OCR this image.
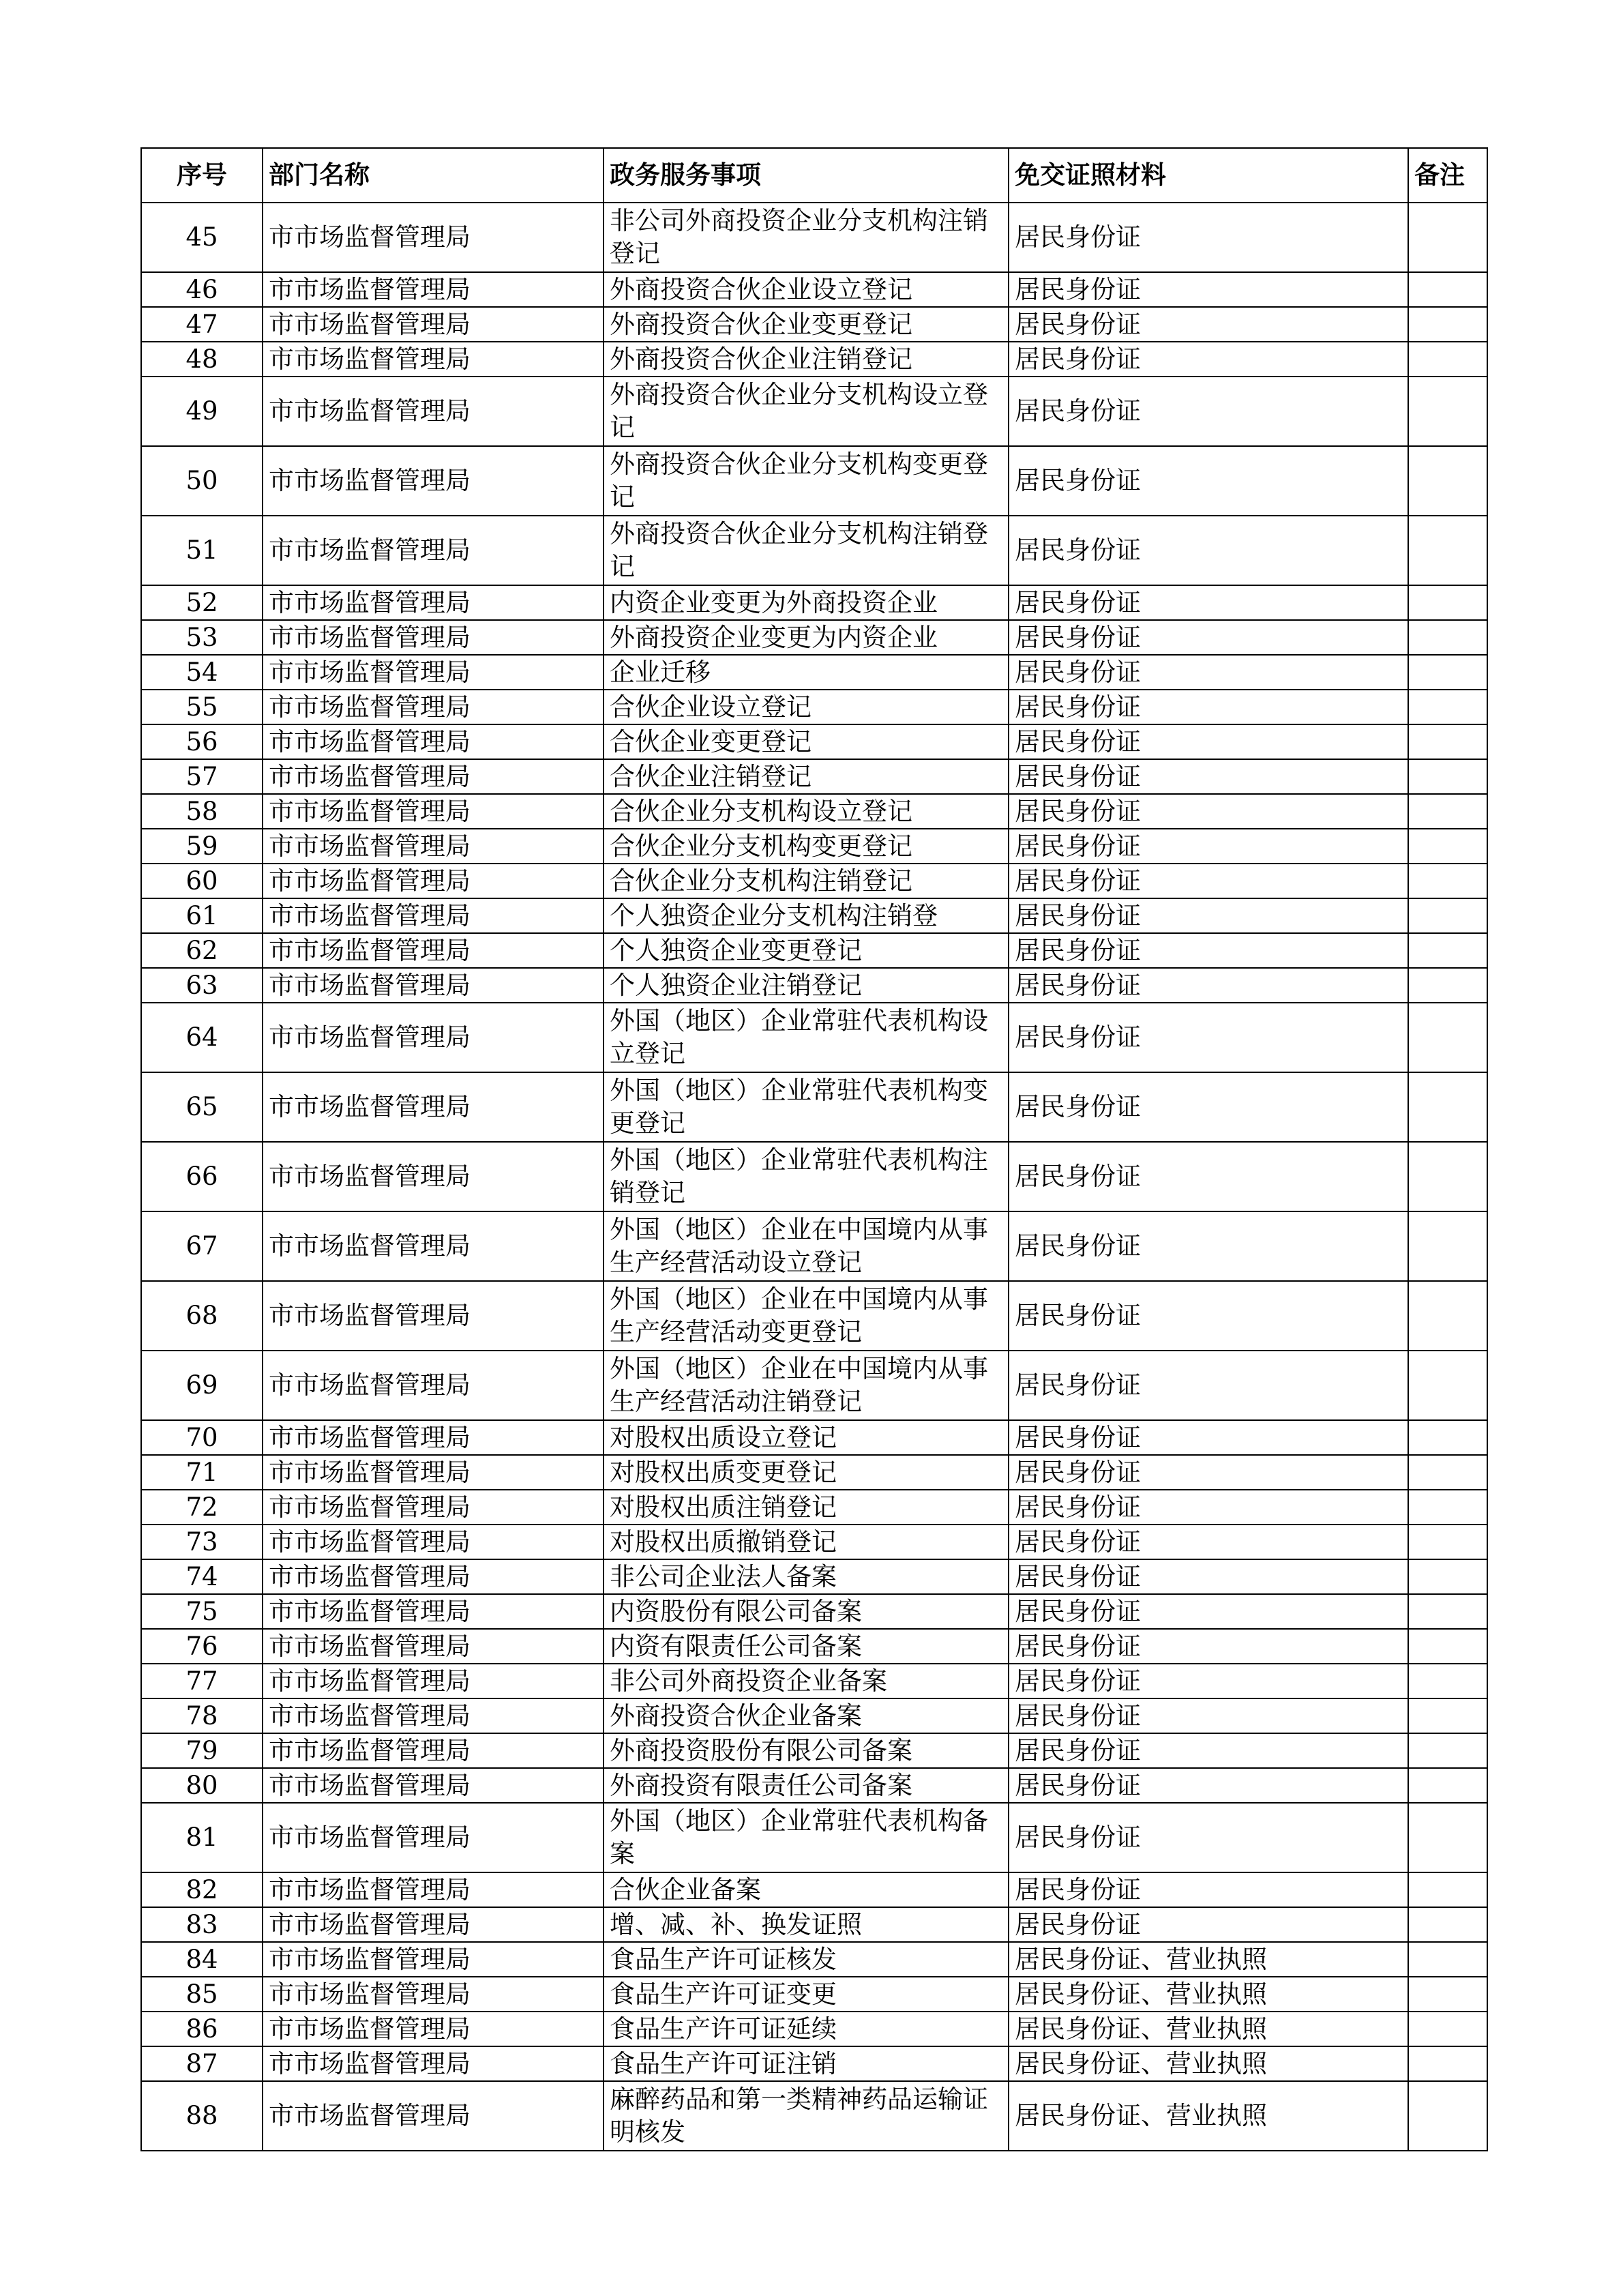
序号	部门名称	政务服务事项	免交证照材料	备注
45	市市场监督管理局	非公司外商投资企业分支机构注销登记	居民身份证	
46	市市场监督管理局	外商投资合伙企业设立登记	居民身份证	
47	市市场监督管理局	外商投资合伙企业变更登记	居民身份证	
48	市市场监督管理局	外商投资合伙企业注销登记	居民身份证	
49	市市场监督管理局	外商投资合伙企业分支机构设立登记	居民身份证	
50	市市场监督管理局	外商投资合伙企业分支机构变更登记	居民身份证	
51	市市场监督管理局	外商投资合伙企业分支机构注销登记	居民身份证	
52	市市场监督管理局	内资企业变更为外商投资企业	居民身份证	
53	市市场监督管理局	外商投资企业变更为内资企业	居民身份证	
54	市市场监督管理局	企业迁移	居民身份证	
55	市市场监督管理局	合伙企业设立登记	居民身份证	
56	市市场监督管理局	合伙企业变更登记	居民身份证	
57	市市场监督管理局	合伙企业注销登记	居民身份证	
58	市市场监督管理局	合伙企业分支机构设立登记	居民身份证	
59	市市场监督管理局	合伙企业分支机构变更登记	居民身份证	
60	市市场监督管理局	合伙企业分支机构注销登记	居民身份证	
61	市市场监督管理局	个人独资企业分支机构注销登	居民身份证	
62	市市场监督管理局	个人独资企业变更登记	居民身份证	
63	市市场监督管理局	个人独资企业注销登记	居民身份证	
64	市市场监督管理局	外国（地区）企业常驻代表机构设立登记	居民身份证	
65	市市场监督管理局	外国（地区）企业常驻代表机构变更登记	居民身份证	
66	市市场监督管理局	外国（地区）企业常驻代表机构注销登记	居民身份证	
67	市市场监督管理局	外国（地区）企业在中国境内从事生产经营活动设立登记	居民身份证	
68	市市场监督管理局	外国（地区）企业在中国境内从事生产经营活动变更登记	居民身份证	
69	市市场监督管理局	外国（地区）企业在中国境内从事生产经营活动注销登记	居民身份证	
70	市市场监督管理局	对股权出质设立登记	居民身份证	
71	市市场监督管理局	对股权出质变更登记	居民身份证	
72	市市场监督管理局	对股权出质注销登记	居民身份证	
73	市市场监督管理局	对股权出质撤销登记	居民身份证	
74	市市场监督管理局	非公司企业法人备案	居民身份证	
75	市市场监督管理局	内资股份有限公司备案	居民身份证	
76	市市场监督管理局	内资有限责任公司备案	居民身份证	
77	市市场监督管理局	非公司外商投资企业备案	居民身份证	
78	市市场监督管理局	外商投资合伙企业备案	居民身份证	
79	市市场监督管理局	外商投资股份有限公司备案	居民身份证	
80	市市场监督管理局	外商投资有限责任公司备案	居民身份证	
81	市市场监督管理局	外国（地区）企业常驻代表机构备案	居民身份证	
82	市市场监督管理局	合伙企业备案	居民身份证	
83	市市场监督管理局	增、减、补、换发证照	居民身份证	
84	市市场监督管理局	食品生产许可证核发	居民身份证、营业执照	
85	市市场监督管理局	食品生产许可证变更	居民身份证、营业执照	
86	市市场监督管理局	食品生产许可证延续	居民身份证、营业执照	
87	市市场监督管理局	食品生产许可证注销	居民身份证、营业执照	
88	市市场监督管理局	麻醉药品和第一类精神药品运输证明核发	居民身份证、营业执照	
